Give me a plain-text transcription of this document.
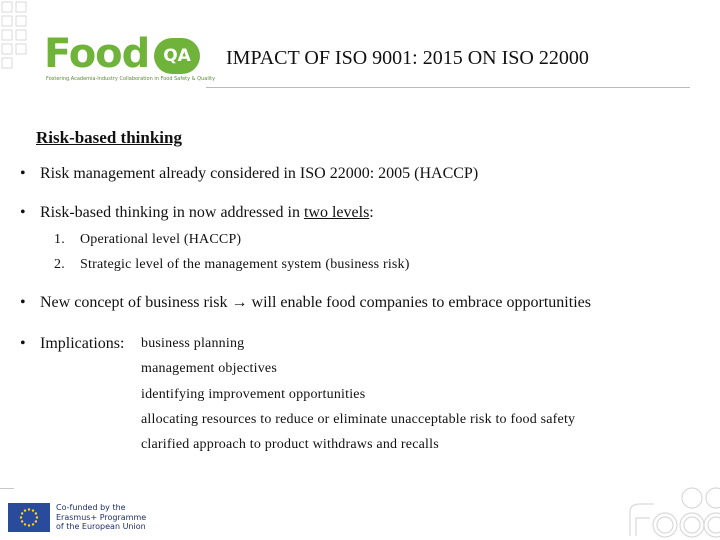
Food QA
Fostering Academia-Industry Collaboration in Food Safety & Quality
IMPACT OF ISO 9001: 2015 ON ISO 22000
Risk-based thinking
• Risk management already considered in ISO 22000: 2005 (HACCP)
• Risk-based thinking in now addressed in two levels:
1. Operational level (HACCP)
2. Strategic level of the management system (business risk)
• New concept of business risk → will enable food companies to embrace opportunities
• Implications: business planning
management objectives
identifying improvement opportunities
allocating resources to reduce or eliminate unacceptable risk to food safety
clarified approach to product withdraws and recalls
Co-funded by the
Erasmus+ Programme
of the European Union
